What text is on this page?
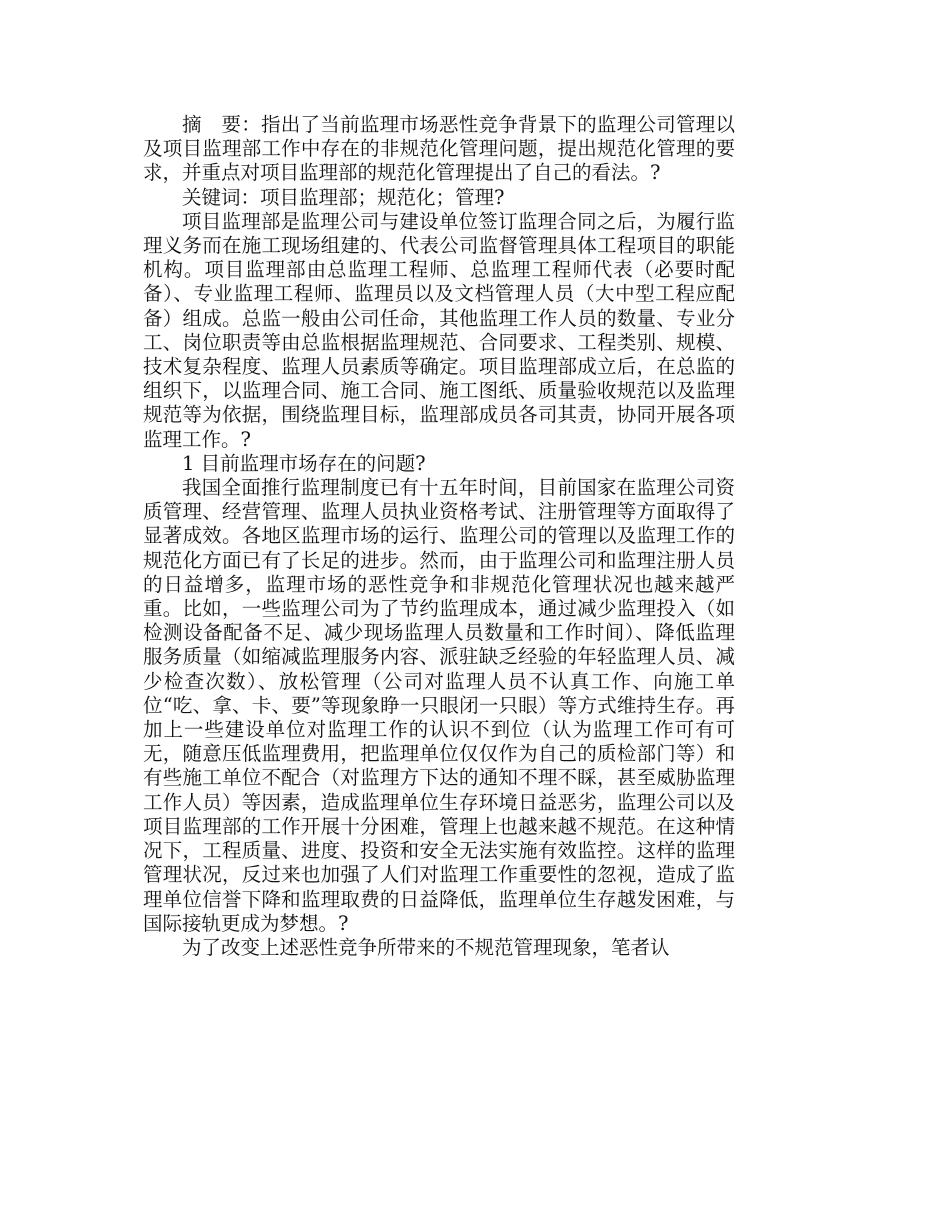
摘　要：指出了当前监理市场恶性竞争背景下的监理公司管理以及项目监理部工作中存在的非规范化管理问题，提出规范化管理的要求，并重点对项目监理部的规范化管理提出了自己的看法。?

关键词：项目监理部；规范化；管理?

项目监理部是监理公司与建设单位签订监理合同之后，为履行监理义务而在施工现场组建的、代表公司监督管理具体工程项目的职能机构。项目监理部由总监理工程师、总监理工程师代表（必要时配备）、专业监理工程师、监理员以及文档管理人员（大中型工程应配备）组成。总监一般由公司任命，其他监理工作人员的数量、专业分工、岗位职责等由总监根据监理规范、合同要求、工程类别、规模、技术复杂程度、监理人员素质等确定。项目监理部成立后，在总监的组织下，以监理合同、施工合同、施工图纸、质量验收规范以及监理规范等为依据，围绕监理目标，监理部成员各司其责，协同开展各项监理工作。?

1 目前监理市场存在的问题?

我国全面推行监理制度已有十五年时间，目前国家在监理公司资质管理、经营管理、监理人员执业资格考试、注册管理等方面取得了显著成效。各地区监理市场的运行、监理公司的管理以及监理工作的规范化方面已有了长足的进步。然而，由于监理公司和监理注册人员的日益增多，监理市场的恶性竞争和非规范化管理状况也越来越严重。比如，一些监理公司为了节约监理成本，通过减少监理投入（如检测设备配备不足、减少现场监理人员数量和工作时间）、降低监理服务质量（如缩减监理服务内容、派驻缺乏经验的年轻监理人员、减少检查次数）、放松管理（公司对监理人员不认真工作、向施工单位“吃、拿、卡、要”等现象睁一只眼闭一只眼）等方式维持生存。再加上一些建设单位对监理工作的认识不到位（认为监理工作可有可无，随意压低监理费用，把监理单位仅仅作为自己的质检部门等）和有些施工单位不配合（对监理方下达的通知不理不睬，甚至威胁监理工作人员）等因素，造成监理单位生存环境日益恶劣，监理公司以及项目监理部的工作开展十分困难，管理上也越来越不规范。在这种情况下，工程质量、进度、投资和安全无法实施有效监控。这样的监理管理状况，反过来也加强了人们对监理工作重要性的忽视，造成了监理单位信誉下降和监理取费的日益降低，监理单位生存越发困难，与国际接轨更成为梦想。?

为了改变上述恶性竞争所带来的不规范管理现象，笔者认
